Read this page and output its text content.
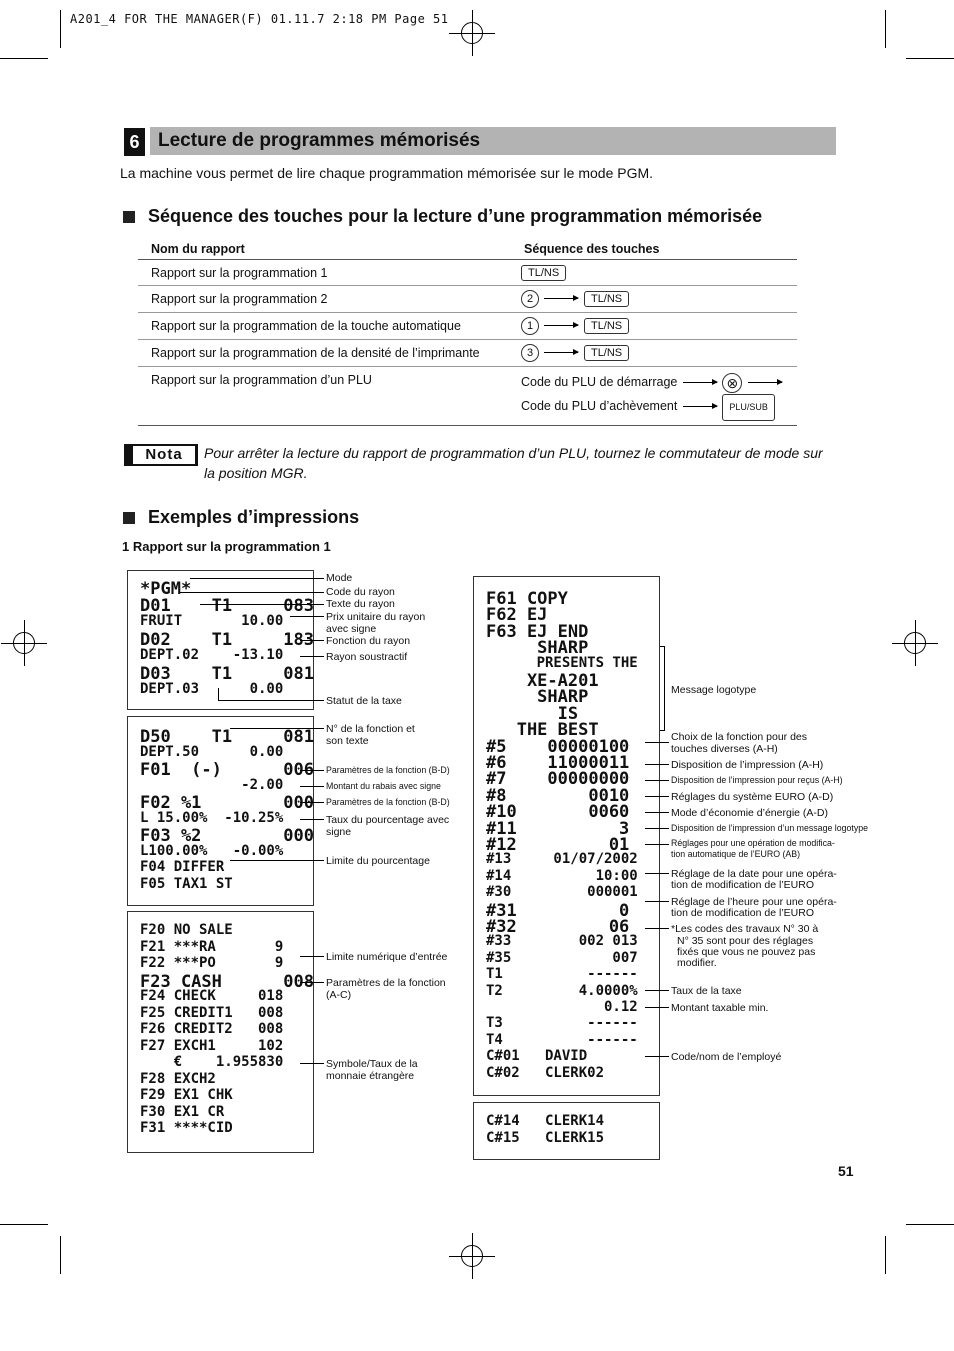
A201_4 FOR THE MANAGER(F) 01.11.7 2:18 PM Page 51
6 Lecture de programmes mémorisés
La machine vous permet de lire chaque programmation mémorisée sur le mode PGM.
Séquence des touches pour la lecture d’une programmation mémorisée
Nom du rapport	Séquence des touches
Rapport sur la programmation 1	TL/NS
Rapport sur la programmation 2	2 TL/NS
Rapport sur la programmation de la touche automatique	1 TL/NS
Rapport sur la programmation de la densité de l’imprimante	3 TL/NS
Rapport sur la programmation d’un PLU	Code du PLU de démarrage ⊗
Code du PLU d’achèvement PLU/SUB
Nota	Pour arrêter la lecture du rapport de programmation d’un PLU, tournez le commutateur de mode sur la position MGR.
Exemples d’impressions
1 Rapport sur la programmation 1
*PGM*
D01    T1     083
FRUIT       10.00
D02    T1     183
DEPT.02    -13.10
D03    T1     081
DEPT.03      0.00
D50    T1     081
DEPT.50      0.00
F01  (-)      006
-2.00
F02 %1        000
L 15.00%  -10.25%
F03 %2        000
L100.00%   -0.00%
F04 DIFFER
F05 TAX1 ST
F20 NO SALE
F21 ***RA       9
F22 ***PO       9
F23 CASH      008
F24 CHECK     018
F25 CREDIT1   008
F26 CREDIT2   008
F27 EXCH1     102
€    1.955830
F28 EXCH2
F29 EX1 CHK
F30 EX1 CR
F31 ****CID
F61 COPY
F62 EJ
F63 EJ END
SHARP
PRESENTS THE
XE-A201
SHARP
IS
THE BEST
#5    00000100
#6    11000011
#7    00000000
#8        0010
#10       0060
#11          3
#12         01
#13     01/07/2002
#14          10:00
#30         000001
#31          0
#32         06
#33        002 013
#35            007
T1          ------
T2         4.0000%
0.12
T3          ------
T4          ------
C#01   DAVID
C#02   CLERK02
C#14   CLERK14
C#15   CLERK15
Mode
Code du rayon
Texte du rayon
Prix unitaire du rayon
avec signe
Fonction du rayon
Rayon soustractif
Statut de la taxe
N° de la fonction et
son texte
Paramètres de la fonction (B-D)
Montant du rabais avec signe
Paramètres de la fonction (B-D)
Taux du pourcentage avec
signe
Limite du pourcentage
Limite numérique d’entrée
Paramètres de la fonction
(A-C)
Symbole/Taux de la
monnaie étrangère
Message logotype
Choix de la fonction pour des
touches diverses (A-H)
Disposition de l’impression (A-H)
Disposition de l’impression pour reçus (A-H)
Réglages du système EURO (A-D)
Mode d’économie d’énergie (A-D)
Disposition de l’impression d’un message logotype
Réglages pour une opération de modifica-
tion automatique de l’EURO (AB)
Réglage de la date pour une opéra-
tion de modification de l’EURO
Réglage de l’heure pour une opéra-
tion de modification de l’EURO
*Les codes des travaux N° 30 à
N° 35 sont pour des réglages
fixés que vous ne pouvez pas
modifier.
Taux de la taxe
Montant taxable min.
Code/nom de l’employé
51
